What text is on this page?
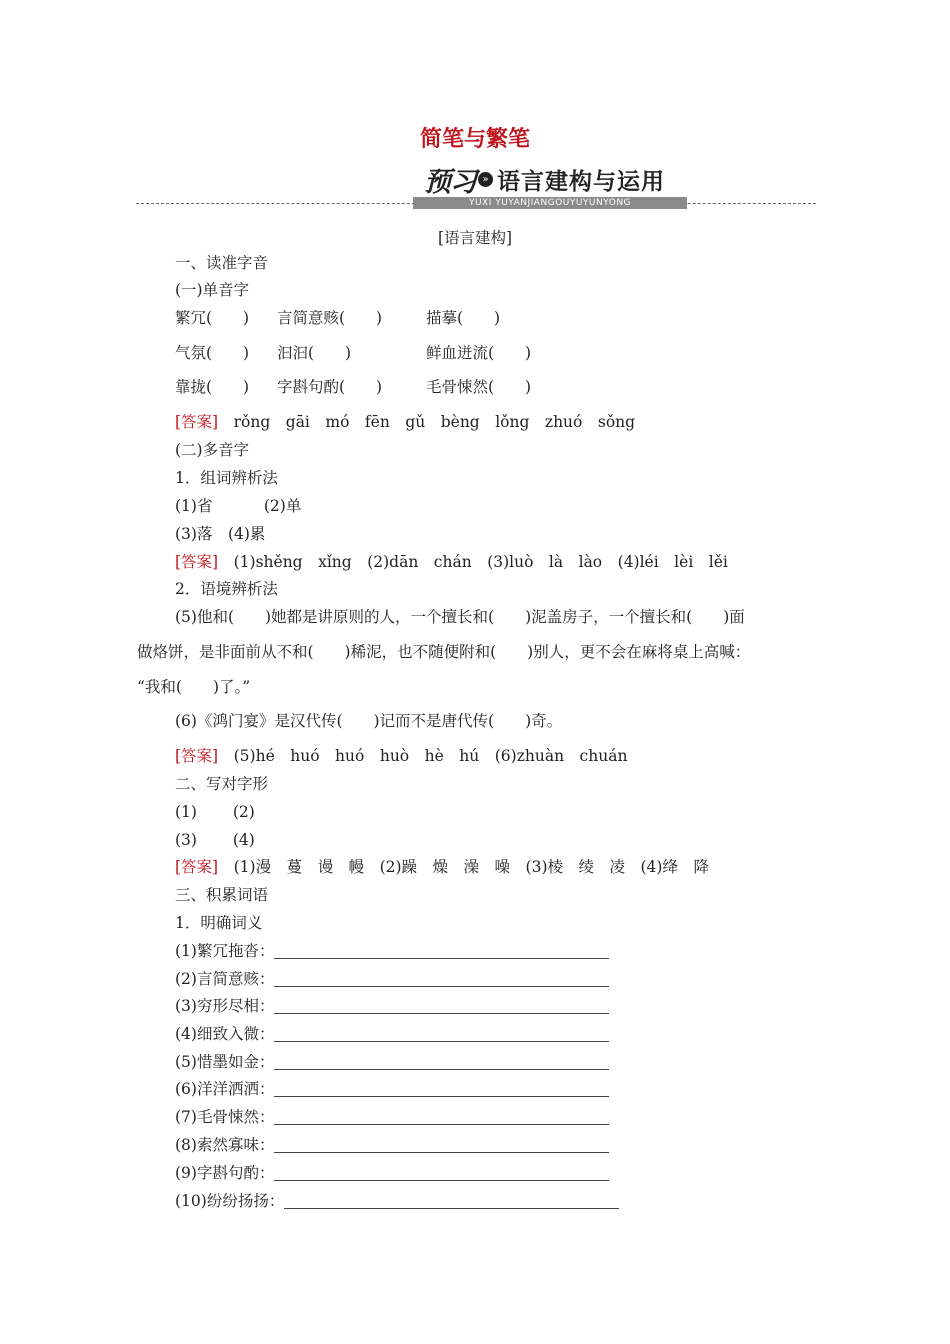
简笔与繁笔
预习 » 语言建构与运用
YUXI YUYANJIANGOUYUYUNYONG
[语言建构]
一、读准字音
(一)单音字
繁冗(　　) 言简意赅(　　)	描摹(　　)
气氛(　　) 汩汩(　　)	鲜血迸流(　　)
靠拢(　　) 字斟句酌(　　)	毛骨悚然(　　)
[答案]　 rǒng　gāi　mó　fēn　gǔ　bèng　lǒng　zhuó　sǒng
(二)多音字
1．组词辨析法
(1)省　　　 (2)单
(3)落　(4)累
[答案]　 (1)shěng　xǐng　(2)dān　chán　(3)luò　là　lào　(4)léi　lèi　lěi
2．语境辨析法
(5)他和(　　)她都是讲原则的人，一个擅长和(　　)泥盖房子，一个擅长和(　　)面
做烙饼，是非面前从不和(　　)稀泥，也不随便附和(　　)别人，更不会在麻将桌上高喊：
“我和(　　)了。”
(6)《鸿门宴》是汉代传(　　)记而不是唐代传(　　)奇。
[答案]　 (5)hé　huó　huó　huò　hè　hú　(6)zhuàn　chuán
二、写对字形
(1)　　 (2)
(3)　　 (4)
[答案]　 (1)漫　蔓　谩　幔　(2)躁　燥　澡　噪　(3)棱　绫　凌　(4)绛　降
三、积累词语
1．明确词义
(1)繁冗拖沓：
(2)言简意赅：
(3)穷形尽相：
(4)细致入微：
(5)惜墨如金：
(6)洋洋洒洒：
(7)毛骨悚然：
(8)索然寡味：
(9)字斟句酌：
(10)纷纷扬扬：
